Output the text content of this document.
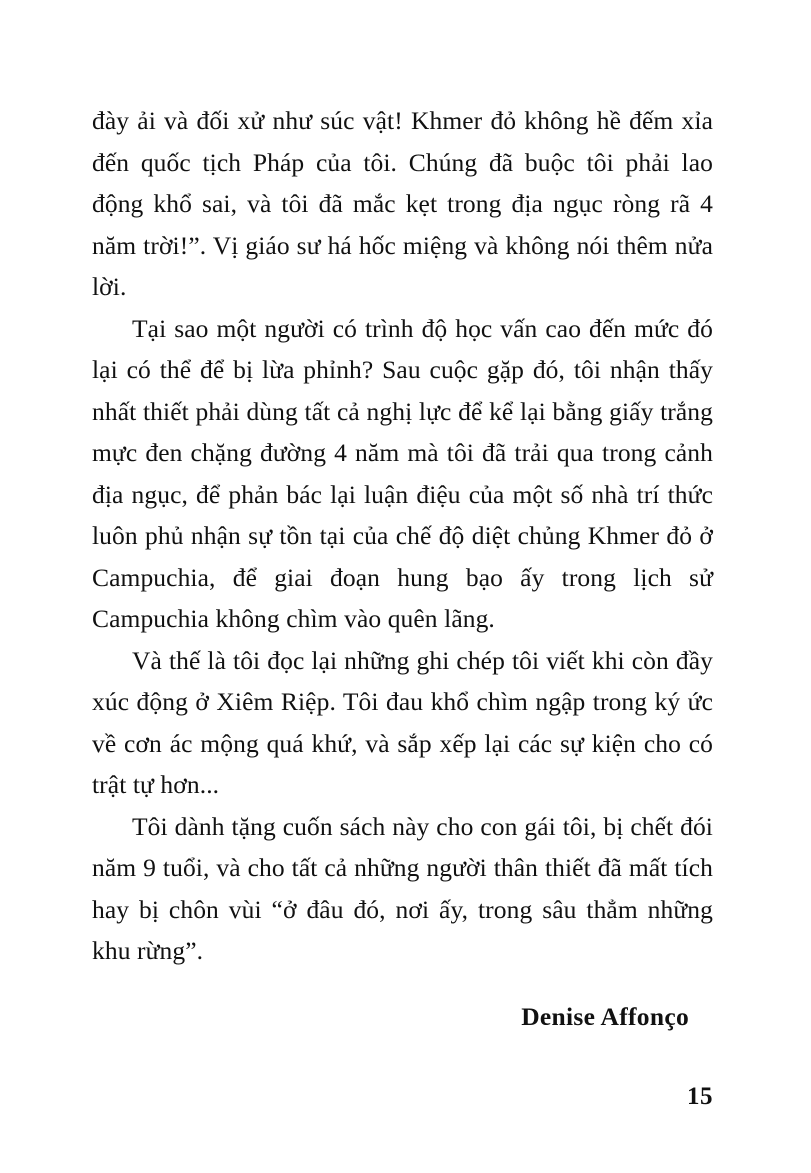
đày ải và đối xử như súc vật! Khmer đỏ không hề đếm xỉa đến quốc tịch Pháp của tôi. Chúng đã buộc tôi phải lao động khổ sai, và tôi đã mắc kẹt trong địa ngục ròng rã 4 năm trời!”. Vị giáo sư há hốc miệng và không nói thêm nửa lời.

Tại sao một người có trình độ học vấn cao đến mức đó lại có thể để bị lừa phỉnh? Sau cuộc gặp đó, tôi nhận thấy nhất thiết phải dùng tất cả nghị lực để kể lại bằng giấy trắng mực đen chặng đường 4 năm mà tôi đã trải qua trong cảnh địa ngục, để phản bác lại luận điệu của một số nhà trí thức luôn phủ nhận sự tồn tại của chế độ diệt chủng Khmer đỏ ở Campuchia, để giai đoạn hung bạo ấy trong lịch sử Campuchia không chìm vào quên lãng.

Và thế là tôi đọc lại những ghi chép tôi viết khi còn đầy xúc động ở Xiêm Riệp. Tôi đau khổ chìm ngập trong ký ức về cơn ác mộng quá khứ, và sắp xếp lại các sự kiện cho có trật tự hơn...

Tôi dành tặng cuốn sách này cho con gái tôi, bị chết đói năm 9 tuổi, và cho tất cả những người thân thiết đã mất tích hay bị chôn vùi “ở đâu đó, nơi ấy, trong sâu thẳm những khu rừng”.

Denise Affonço
15
